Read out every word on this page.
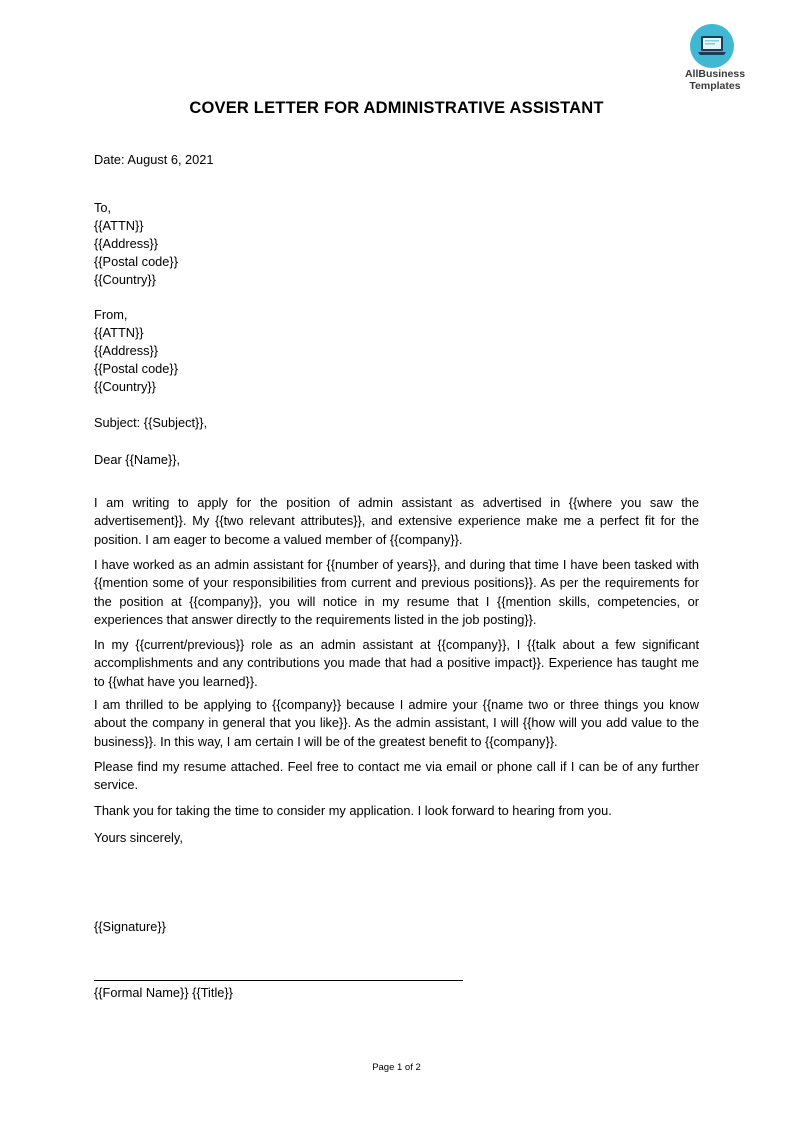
AllBusiness
Templates
COVER LETTER FOR ADMINISTRATIVE ASSISTANT
Date: August 6, 2021
To,
{{ATTN}}
{{Address}}
{{Postal code}}
{{Country}}
From,
{{ATTN}}
{{Address}}
{{Postal code}}
{{Country}}
Subject: {{Subject}},
Dear {{Name}},
I am writing to apply for the position of admin assistant as advertised in {{where you saw the advertisement}}. My {{two relevant attributes}}, and extensive experience make me a perfect fit for the position. I am eager to become a valued member of {{company}}.
I have worked as an admin assistant for {{number of years}}, and during that time I have been tasked with {{mention some of your responsibilities from current and previous positions}}. As per the requirements for the position at {{company}}, you will notice in my resume that I {{mention skills, competencies, or experiences that answer directly to the requirements listed in the job posting}}.
In my {{current/previous}} role as an admin assistant at {{company}}, I {{talk about a few significant accomplishments and any contributions you made that had a positive impact}}. Experience has taught me to {{what have you learned}}.
I am thrilled to be applying to {{company}} because I admire your {{name two or three things you know about the company in general that you like}}. As the admin assistant, I will {{how will you add value to the business}}. In this way, I am certain I will be of the greatest benefit to {{company}}.
Please find my resume attached. Feel free to contact me via email or phone call if I can be of any further service.
Thank you for taking the time to consider my application. I look forward to hearing from you.
Yours sincerely,
{{Signature}}
{{Formal Name}} {{Title}}
Page 1 of 2
